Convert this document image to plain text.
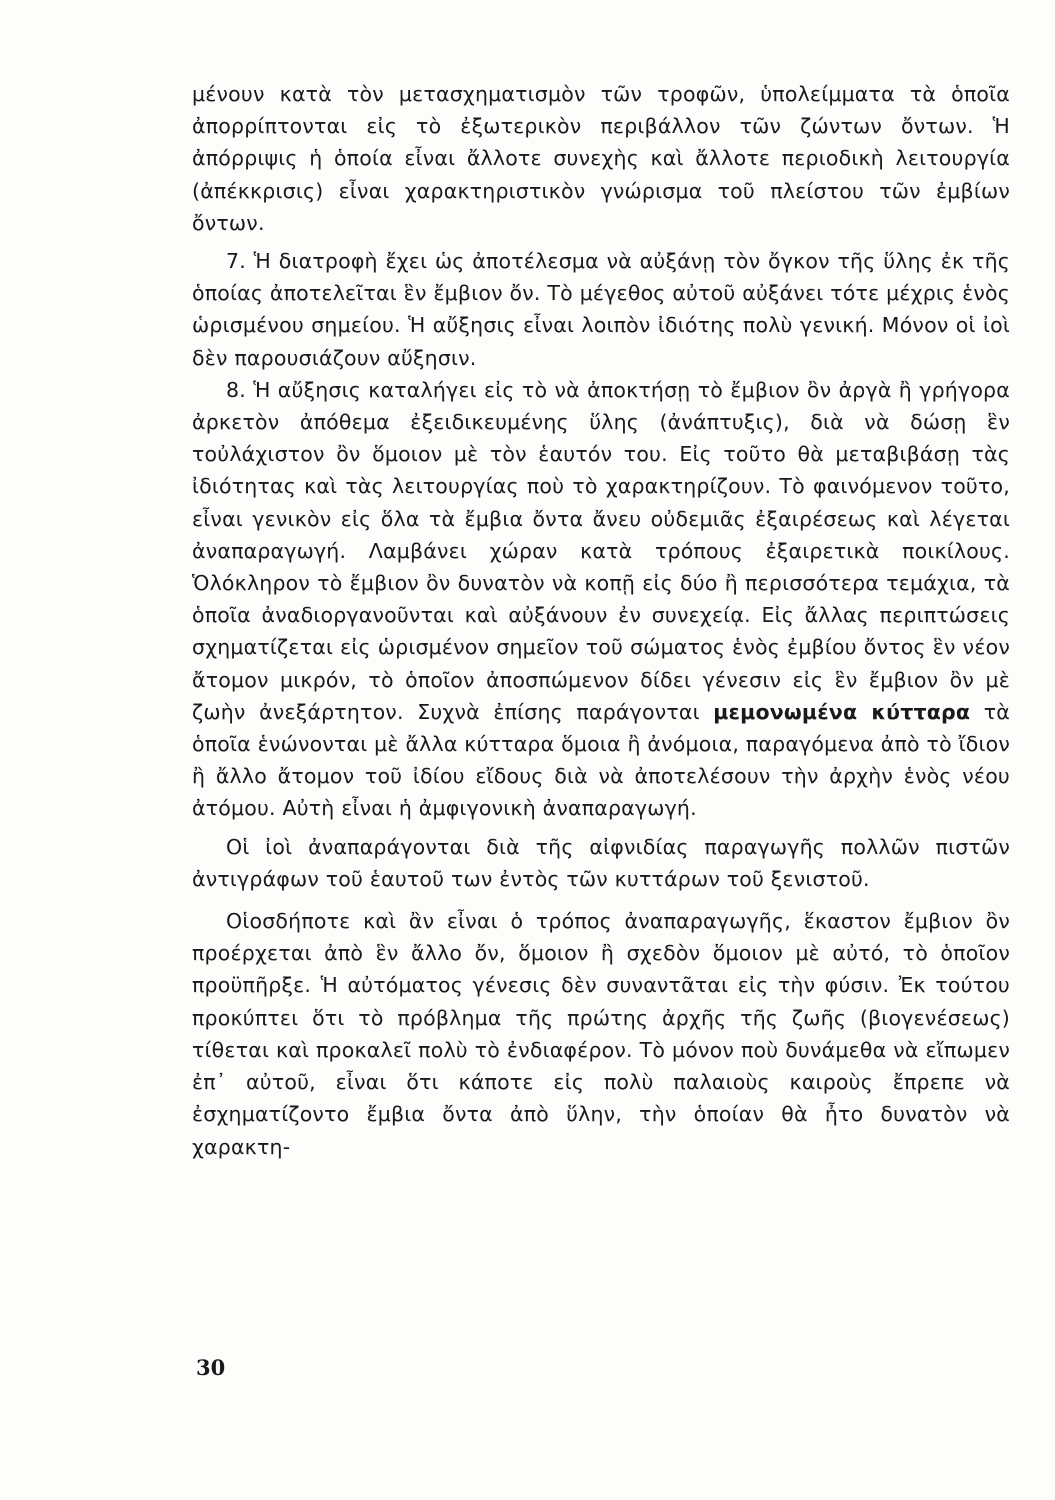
μένουν κατὰ τὸν μετασχηματισμὸν τῶν τροφῶν, ὑπολείμματα τὰ ὁποῖα ἀπορρίπτονται εἰς τὸ ἐξωτερικὸν περιβάλλον τῶν ζώντων ὄντων. Ἡ ἀπόρριψις ἡ ὁποία εἶναι ἄλλοτε συνεχὴς καὶ ἄλλοτε περιοδικὴ λειτουργία (ἀπέκκρισις) εἶναι χαρακτηριστικὸν γνώρισμα τοῦ πλείστου τῶν ἐμβίων ὄντων.

7. Ἡ διατροφὴ ἔχει ὡς ἀποτέλεσμα νὰ αὐξάνῃ τὸν ὄγκον τῆς ὕλης ἐκ τῆς ὁποίας ἀποτελεῖται ἓν ἔμβιον ὄν. Τὸ μέγεθος αὐτοῦ αὐξάνει τότε μέχρις ἑνὸς ὡρισμένου σημείου. Ἡ αὔξησις εἶναι λοιπὸν ἰδιότης πολὺ γενική. Μόνον οἱ ἰοὶ δὲν παρουσιάζουν αὔξησιν.

8. Ἡ αὔξησις καταλήγει εἰς τὸ νὰ ἀποκτήσῃ τὸ ἔμβιον ὂν ἀργὰ ἢ γρήγορα ἀρκετὸν ἀπόθεμα ἐξειδικευμένης ὕλης (ἀνάπτυξις), διὰ νὰ δώσῃ ἓν τοὐλάχιστον ὂν ὅμοιον μὲ τὸν ἑαυτόν του. Εἰς τοῦτο θὰ μεταβιβάσῃ τὰς ἰδιότητας καὶ τὰς λειτουργίας ποὺ τὸ χαρακτηρίζουν. Τὸ φαινόμενον τοῦτο, εἶναι γενικὸν εἰς ὅλα τὰ ἔμβια ὄντα ἄνευ οὐδεμιᾶς ἐξαιρέσεως καὶ λέγεται ἀναπαραγωγή. Λαμβάνει χώραν κατὰ τρόπους ἐξαιρετικὰ ποικίλους. Ὁλόκληρον τὸ ἔμβιον ὂν δυνατὸν νὰ κοπῇ εἰς δύο ἢ περισσότερα τεμάχια, τὰ ὁποῖα ἀναδιοργανοῦνται καὶ αὐξάνουν ἐν συνεχείᾳ. Εἰς ἄλλας περιπτώσεις σχηματίζεται εἰς ὡρισμένον σημεῖον τοῦ σώματος ἑνὸς ἐμβίου ὄντος ἓν νέον ἄτομον μικρόν, τὸ ὁποῖον ἀποσπώμενον δίδει γένεσιν εἰς ἓν ἔμβιον ὂν μὲ ζωὴν ἀνεξάρτητον. Συχνὰ ἐπίσης παράγονται μεμονωμένα κύτταρα τὰ ὁποῖα ἑνώνονται μὲ ἄλλα κύτταρα ὅμοια ἢ ἀνόμοια, παραγόμενα ἀπὸ τὸ ἴδιον ἢ ἄλλο ἄτομον τοῦ ἰδίου εἴδους διὰ νὰ ἀποτελέσουν τὴν ἀρχὴν ἑνὸς νέου ἀτόμου. Αὐτὴ εἶναι ἡ ἀμφιγονικὴ ἀναπαραγωγή.

Οἱ ἰοὶ ἀναπαράγονται διὰ τῆς αἰφνιδίας παραγωγῆς πολλῶν πιστῶν ἀντιγράφων τοῦ ἑαυτοῦ των ἐντὸς τῶν κυττάρων τοῦ ξενιστοῦ.

Οἱοσδήποτε καὶ ἂν εἶναι ὁ τρόπος ἀναπαραγωγῆς, ἕκαστον ἔμβιον ὂν προέρχεται ἀπὸ ἓν ἄλλο ὄν, ὅμοιον ἢ σχεδὸν ὅμοιον μὲ αὐτό, τὸ ὁποῖον προϋπῆρξε. Ἡ αὐτόματος γένεσις δὲν συναντᾶται εἰς τὴν φύσιν. Ἐκ τούτου προκύπτει ὅτι τὸ πρόβλημα τῆς πρώτης ἀρχῆς τῆς ζωῆς (βιογενέσεως) τίθεται καὶ προκαλεῖ πολὺ τὸ ἐνδιαφέρον. Τὸ μόνον ποὺ δυνάμεθα νὰ εἴπωμεν ἐπ᾽ αὐτοῦ, εἶναι ὅτι κάποτε εἰς πολὺ παλαιοὺς καιροὺς ἔπρεπε νὰ ἐσχηματίζοντο ἔμβια ὄντα ἀπὸ ὕλην, τὴν ὁποίαν θὰ ἦτο δυνατὸν νὰ χαρακτη-

30
